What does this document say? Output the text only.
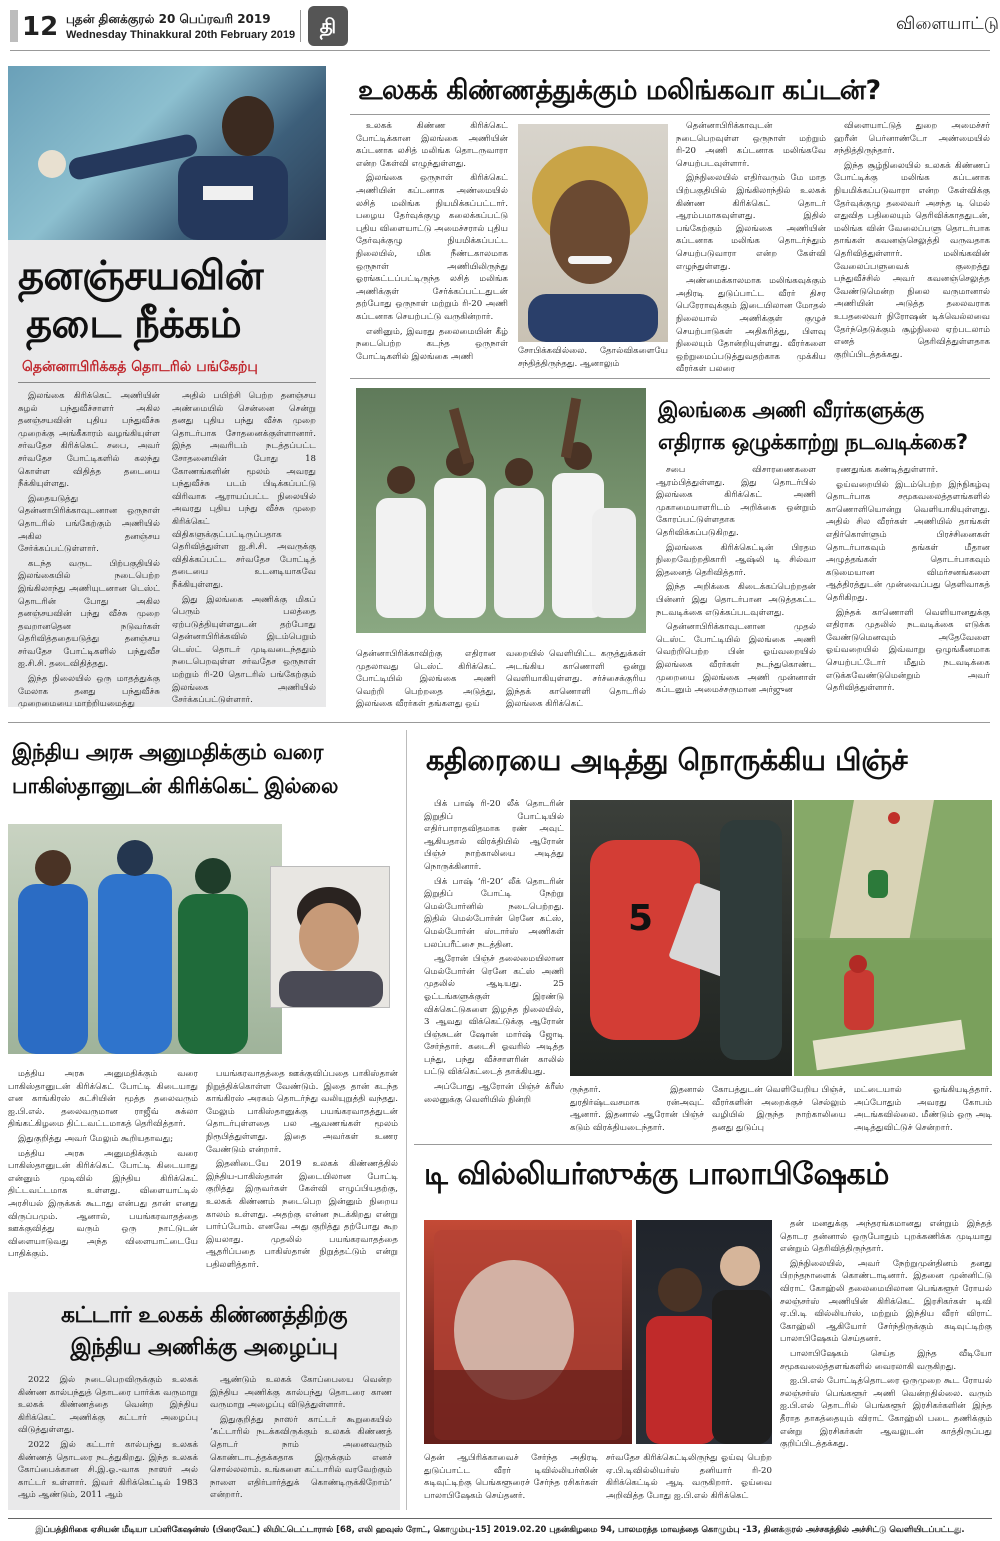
12 புதன் தினக்குரல் 20 பெப்ரவரி 2019
Wednesday Thinakkural 20th February 2019	தி	விளையாட்டு
தனஞ்சயவின்
தடை நீக்கம்
தென்னாபிரிக்கத் தொடரில் பங்கேற்பு

இலங்கை கிரிக்கெட் அணியின் சுழல் பந்துவீச்சாளர் அகில தனஞ்சயவின் புதிய பந்துவீச்சு முறைக்கு அங்கீகாரம் வழங்கியுள்ள சர்வதேச கிரிக்கெட் சபை, அவர் சர்வதேச போட்டிகளில் கலந்து கொள்ள விதித்த தடையை நீக்கியுள்ளது.

இதையடுத்து தென்னாபிரிக்காவுடனான ஒருநாள் தொடரில் பங்கேற்கும் அணியில் அகில தனஞ்சய சேர்க்கப்பட்டுள்ளார்.

கடந்த வருட பிற்பகுதியில் இலங்கையில் நடைபெற்ற இங்கிலாந்து அணியுடனான டெஸ்ட் தொடரின் போது அகில தனஞ்சயவின் பந்து வீச்சு முறை தவறானதென நடுவர்கள் தெரிவித்ததையடுத்து தனஞ்சய சர்வதேச போட்டிகளில் பந்துவீச ஐ.சி.சி. தடைவிதித்தது.

இந்த நிலையில் ஒரு மாதத்துக்கு மேலாக தனது பந்துவீச்சு முறைமையை மாற்றியமைத்து

அதில் பயிற்சி பெற்ற தனஞ்சய அண்மையில் சென்னை சென்று தனது புதிய பந்து வீச்சு முறை தொடர்பாக சோதனைக்குள்ளானார். இந்த அவரிடம் நடத்தப்பட்ட சோதனையின் போது 18 கோணங்களின் மூலம் அவரது பந்துவீச்சு படம் பிடிக்கப்பட்டு விரிவாக ஆராயப்பட்ட நிலையில் அவரது புதிய பந்து வீச்சு முறை கிரிக்கெட் விதிகளுக்குட்பட்டிருப்பதாக தெரிவித்துள்ள ஐ.சி.சி. அவருக்கு விதிக்கப்பட்ட சர்வதேச போட்டித் தடையை உடனடியாகவே நீக்கியுள்ளது.

இது இலங்கை அணிக்கு மிகப் பெரும் பலத்தை ஏற்படுத்தியுள்ளதுடன் தற்போது தென்னாபிரிக்கவில் இடம்பெறும் டெஸ்ட் தொடர் முடிவடைந்ததும் நடைபெறவுள்ள சர்வதேச ஒருநாள் மற்றும் ரி-20 தொடரில் பங்கேற்கும் இலங்கை அணியில் சேர்க்கப்பட்டுள்ளார்.

உலகக் கிண்ணத்துக்கும் மலிங்கவா கப்டன்?

உலகக் கிண்ண கிரிக்கெட் போட்டிக்கான இலங்கை அணியின் கப்டனாக லசித் மலிங்க தொடருவாரா என்ற கேள்வி எழுந்துள்ளது.

இலங்கை ஒருநாள் கிரிக்கெட் அணியின் கப்டனாக அண்மையில் லசித் மலிங்க நியமிக்கப்பட்டார். பழைய தேர்வுக்குழு கலைக்கப்பட்டு புதிய விளையாட்டு அமைச்சரால் புதிய தேர்வுக்குழு நியமிக்கப்பட்ட நிலையில், மிக நீண்டகாலமாக ஒருநாள் அணியிலிருந்து ஓரங்கட்டப்பட்டிருந்த லசித் மலிங்க அணிக்குள் சேர்க்கப்பட்டதுடன் தற்போது ஒருநாள் மற்றும் ரி-20 அணி கப்டனாக செயற்பட்டு வருகின்றார்.

எனினும், இவரது தலைமையின் கீழ் நடைபெற்ற கடந்த ஒருநாள் போட்டிகளில் இலங்கை அணி

சோபிக்கவில்லை. தோல்விகளையே சந்தித்திருந்தது. ஆனாலும்

தென்னாபிரிக்காவுடன் நடைபெறவுள்ள ஒருநாள் மற்றும் ரி-20 அணி கப்டனாக மலிங்கவே செயற்படவுள்ளார்.

இந்நிலையில் எதிர்வரும் மே மாத பிற்பகுதியில் இங்கிலாந்தில் உலகக் கிண்ண கிரிக்கெட் தொடர் ஆரம்பமாகவுள்ளது. இதில் பங்கேற்கும் இலங்கை அணியின் கப்டனாக மலிங்க தொடர்ந்தும் செயற்படுவாரா என்ற கேள்வி எழுந்துள்ளது.

அண்மைக்காலமாக மலிங்கவுக்கும் அதிரடி துடுப்பாட்ட வீரர் திசர பெரேராவுக்கும் இடையிலான மோதல் நிலையால் அணிக்குள் குழுச் செயற்பாடுகள் அதிகரித்து, பிளவு நிலையும் தோன்றியுள்ளது. வீரர்களை ஒற்றுமைப்படுத்துவதற்காக முக்கிய வீரர்கள் பலரை

விளையாட்டுத் துறை அமைச்சர் ஹரீன் பெர்னாண்டோ அண்மையில் சந்தித்திருந்தார்.

இந்த சூழ்நிலையில் உலகக் கிண்ணப் போட்டிக்கு மலிங்க கப்டனாக நியமிக்கப்படுவாரா என்ற கேள்விக்கு தேர்வுக்குழு தலைவர் அசந்த டி மெல் எதுவித பதிலையும் தெரிவிக்காததுடன், மலிங்க வின் வேலைப்பளு தொடர்பாக தாங்கள் கவனஞ்செலுத்தி வருவதாக தெரிவித்துள்ளார். மலிங்கவின் வேலைப்பளுவைக் குறைத்து பந்துவீச்சில் அவர் கவனஞ்செலுத்த வேண்டுமென்ற நிலை வருமானால் அணியின் அடுத்த தலைவராக உபதலைவர் நிரோஷன் டிக்வெல்லவை தேர்ந்தெடுக்கும் சூழ்நிலை ஏற்படலாம் எனத் தெரிவித்துள்ளதாக குறிப்பிடத்தக்கது.

இலங்கை அணி வீரர்களுக்கு
எதிராக ஒழுக்காற்று நடவடிக்கை?

சபை விசாரணைகளை ஆரம்பித்துள்ளது. இது தொடர்பில் இலங்கை கிரிக்கெட் அணி முகாமையாளரிடம் அறிக்கை ஒன்றும் கோரப்பட்டுள்ளதாக தெரிவிக்கப்படுகிறது.

இலங்கை கிரிக்கெட்டின் பிரதம நிறைவேற்றதிகாரி ஆஷ்லி டி சில்வா இதனைத் தெரிவித்தார்.

இந்த அறிக்கை கிடைக்கப்பெற்றதன் பின்னர் இது தொடர்பான அடுத்தகட்ட நடவடிக்கை எடுக்கப்படவுள்ளது.

தென்னாபிரிக்காவுடனான முதல் டெஸ்ட் போட்டியில் இலங்கை அணி வெற்றிபெற்ற பின் ஓய்வறையில் இலங்கை வீரர்கள் நடந்துகொண்ட முறையை இலங்கை அணி முன்னாள் கப்டனும் அமைச்சருமான அர்ஜுன

ரணதுங்க கண்டித்துள்ளார்.

ஓய்வறையில் இடம்பெற்ற இந்நிகழ்வு தொடர்பாக சமூகவலைத்தளங்களில் காணொளியொன்று வெளியாகியுள்ளது. அதில் சில வீரர்கள் அணியில் தாங்கள் எதிர்கொள்ளும் பிரச்சினைகள் தொடர்பாகவும் தங்கள் மீதான அழுத்தங்கள் தொடர்பாகவும் கடுமையான விமர்சனங்களை ஆத்திரத்துடன் முன்வைப்பது தெளிவாகத் தெரிகிறது.

இந்தக் காணொளி வெளியானதுக்கு எதிராக முதலில் நடவடிக்கை எடுக்க வேண்டுமெனவும் அதேவேளை ஓய்வறையில் இவ்வாறு ஒழுங்கீனமாக செயற்பட்டோர் மீதும் நடவடிக்கை எடுக்கவேண்டுமென்றும் அவர் தெரிவித்துள்ளார்.

தென்னாபிரிக்காவிற்கு எதிரான முதலாவது டெஸ்ட் கிரிக்கெட் போட்டியில் இலங்கை அணி வெற்றி பெற்றதை அடுத்து, இலங்கை வீரர்கள் தங்களது ஒய்
வறையில் வெளியிட்ட கருத்துக்கள் அடங்கிய காணொளி ஒன்று வெளியாகியுள்ளது. சர்ச்சைக்குரிய இந்தக் காணொளி தொடரில் இலங்கை கிரிக்கெட்
இந்திய அரசு அனுமதிக்கும் வரை
பாகிஸ்தானுடன் கிரிக்கெட் இல்லை

மத்திய அரசு அனுமதிக்கும் வரை பாகிஸ்தானுடன் கிரிக்கெட் போட்டி கிடையாது என காங்கிரஸ் கட்சியின் மூத்த தலைவரும் ஐ.பி.எல். தலைவருமான ராஜீவ் சுக்லா திங்கட்கிழமை திட்டவட்டமாகத் தெரிவித்தார்.

இதுகுறித்து அவர் மேலும் கூறியதாவது;

மத்திய அரசு அனுமதிக்கும் வரை பாகிஸ்தானுடன் கிரிக்கெட் போட்டி கிடையாது என்னும் முடிவில் இந்திய கிரிக்கெட் திட்டவட்டமாக உள்ளது. விளையாட்டில் அரசியல் இருக்கக் கூடாது என்பது தான் எனது விருப்பமும். ஆனால், பயங்கரவாதத்தை ஊக்குவித்து வரும் ஒரு நாட்டுடன் விளையாடுவது அந்த விளையாட்டையே பாதிக்கும்.

பயங்கரவாதத்தை ஊக்குவிப்பதை பாகிஸ்தான் நிறுத்திக்கொள்ள வேண்டும். இதை தான் கடந்த காங்கிரஸ் அரசும் தொடர்ந்து வலியுறுத்தி வந்தது. மேலும் பாகிஸ்தானுக்கு பயங்கரவாதத்துடன் தொடர்புள்ளதை பல ஆவணங்கள் மூலம் நிரூபித்துள்ளது. இதை அவர்கள் உணர வேண்டும் என்றார்.

இதனிடையே 2019 உலகக் கிண்ணத்தில் இந்திய-பாகிஸ்தான் இடையிலான போட்டி குறித்து இருவர்கள் கேள்வி எழுப்பியதற்கு, உலகக் கிண்ணம் நடைபெற இன்னும் நிறைய காலம் உள்ளது. அதற்கு என்ன நடக்கிறது என்று பார்ப்போம். எனவே அது குறித்து தற்போது கூற இயலாது. முதலில் பயங்கரவாதத்தை ஆதரிப்பதை பாகிஸ்தான் நிறுத்தட்டும் என்று பதிலளித்தார்.

கட்டார் உலகக் கிண்ணத்திற்கு
இந்திய அணிக்கு அழைப்பு

2022 இல் நடைபெறவிருக்கும் உலகக் கிண்ண கால்பந்துத் தொடரை பார்க்க வருமாறு உலகக் கிண்ணத்தை வென்ற இந்திய கிரிக்கெட் அணிக்கு கட்டார் அழைப்பு விடுத்துள்ளது.

2022 இல் கட்டார் கால்பந்து உலகக் கிண்ணத் தொடரை நடத்துகிறது. இந்த உலகக் கோப்பைக்கான சி.இ.ஓ.-வாக நாஸர் அல் காட்டர் உள்ளார். இவர் கிரிக்கெட்டில் 1983 ஆம் ஆண்டும், 2011 ஆம்

ஆண்டும் உலகக் கோப்பையை வென்ற இந்திய அணிக்கு கால்பந்து தொடரை காண வருமாறு அழைப்பு விடுத்துள்ளார்.

இதுகுறித்து நாஸர் காட்டர் கூறுகையில் ‘கட்டாரில் நடக்கவிருக்கும் உலகக் கிண்ணத் தொடர் நாம் அனைவரும் கொண்டாடத்தக்கதாக இருக்கும் எனச் சொல்லலாம். உங்களை கட்டாரில் வரவேற்கும் நாளை எதிர்பார்த்துக் கொண்டிருக்கிறோம்’ என்றார்.

கதிரையை அடித்து நொருக்கிய பிஞ்ச்

பிக் பாஷ் ரி-20 லீக் தொடரின் இறுதிப் போட்டியில் எதிர்பாராதவிதமாக ரண் அவுட் ஆகியதால் விரக்தியில் ஆரோன் பிஞ்ச் நாற்காலியை அடித்து நொருக்கினார்.

பிக் பாஷ் ‘ரி-20’ லீக் தொடரின் இறுதிப் போட்டி நேற்று மெல்போர்னில் நடைபெற்றது. இதில் மெல்போர்ன் ரெனே கட்ஸ், மெல்போர்ன் ஸ்டார்ஸ் அணிகள் பலப்பரீட்சை நடத்தின.

ஆரோன் பிஞ்ச் தலைமையிலான மெல்போர்ன் ரெனே கட்ஸ் அணி முதலில் ஆடியது. 25 ஓட்டங்களுக்குள் இரண்டு விக்கெட்டுகளை இழந்த நிலையில், 3 ஆவது விக்கெட்டுக்கு ஆரோன் பிஞ்சுடன் ஷோன் மார்ஷ் ஜோடி சேர்ந்தார். கடைசி ஓவரில் அடித்த பந்து, பந்து வீச்சாளரின் காலில் பட்டு விக்கெட்டைத் தாக்கியது.

அப்போது ஆரோன் பிஞ்ச் க்ரீஸ் லைனுக்கு வெளியில் நின்றி

5
ருந்தார். இதனால் துரதிர்ஷ்டவசமாக ரன்அவுட் ஆனார். இதனால் ஆரோன் பிஞ்ச் கடும் விரக்தியடைந்தார்.
கோபத்துடன் வெளியேறிய பிஞ்ச், வீரர்களின் அறைக்குச் செல்லும் வழியில் இருந்த நாற்காலியை தனது துடுப்பு
மட்டையால் ஓங்கியடித்தார். அப்போதும் அவரது கோபம் அடங்கவில்லை. மீண்டும் ஒரு அடி அடித்துவிட்டுச் சென்றார்.
டி வில்லியர்ஸுக்கு பாலாபிஷேகம்

தன் மனதுக்கு அந்தரங்கமானது என்றும் இந்தத் தொடர தன்னால் ஒருபோதும் புறக்கணிக்க முடியாது என்றும் தெரிவித்திருந்தார்.

இந்நிலையில், அவர் நேற்றுமுன்தினம் தனது பிறந்தநாளைக் கொண்டாடினார். இதனை முன்னிட்டு விராட் கோஹ்லி தலைமையிலான பெங்களூர் ரோயல் சலஞ்சர்ஸ் அணியின் கிரிக்கெட் இரசிகர்கள் டிவி ஏ.பி.டி வில்லியர்ஸ், மற்றும் இந்திய வீரர் விராட் கோஹ்லி ஆகியோர் சேர்ந்திருக்கும் கடிவுட்டிற்கு பாலாபிஷேகம் செய்தனர்.

பாலாபிஷேகம் செய்த இந்த வீடியோ சமூகவலைத்தளங்களில் வைரலாகி வருகிறது.

ஐ.பி.எல் போட்டித்தொடரை ஒருமுறை கூட ரோயல் சலஞ்சர்ஸ் பெங்களூர் அணி வென்றதில்லை. வரும் ஐ.பி.எல் தொடரில் பெங்களூர் இரசிகர்களின் இந்த தீராத தாகத்தையும் விராட் கோஹ்லி படை தணிக்கும் என்று இரசிகர்கள் ஆவலுடன் காத்திருப்பது குறிப்பிடத்தக்கது.

தென் ஆபிரிக்காவைச் சேர்ந்த அதிரடி துடுப்பாட்ட வீரர் டிவில்லியர்ஸின் கடிவுட்டிற்கு பெங்களூரைச் சேர்ந்த ரசிகர்கள் பாலாபிஷேகம் செய்தனர்.
சர்வதேச கிரிக்கெட்டிலிருந்து ஓய்வு பெற்ற ஏ.பி.டிவில்லியர்ஸ் தனியார் ரி-20 கிரிக்கெட்டில் ஆடி வருகிறார். ஓய்வை அறிவித்த போது ஐ.பி.எல் கிரிக்கெட்
இப்பத்திரிகை ஏசியன் மீடியா பப்ளிகேஷன்ஸ் (பிரைவேட்) லிமிட்டெட்டாரால் [68, எலி ஹவுஸ் ரோட், கொழும்பு-15] 2019.02.20 புதன்கிழமை 94, பாலமரத்த மாவத்தை கொழும்பு -13, தினக்குரல் அச்சகத்தில் அச்சிட்டு வெளியிடப்பட்டது.
